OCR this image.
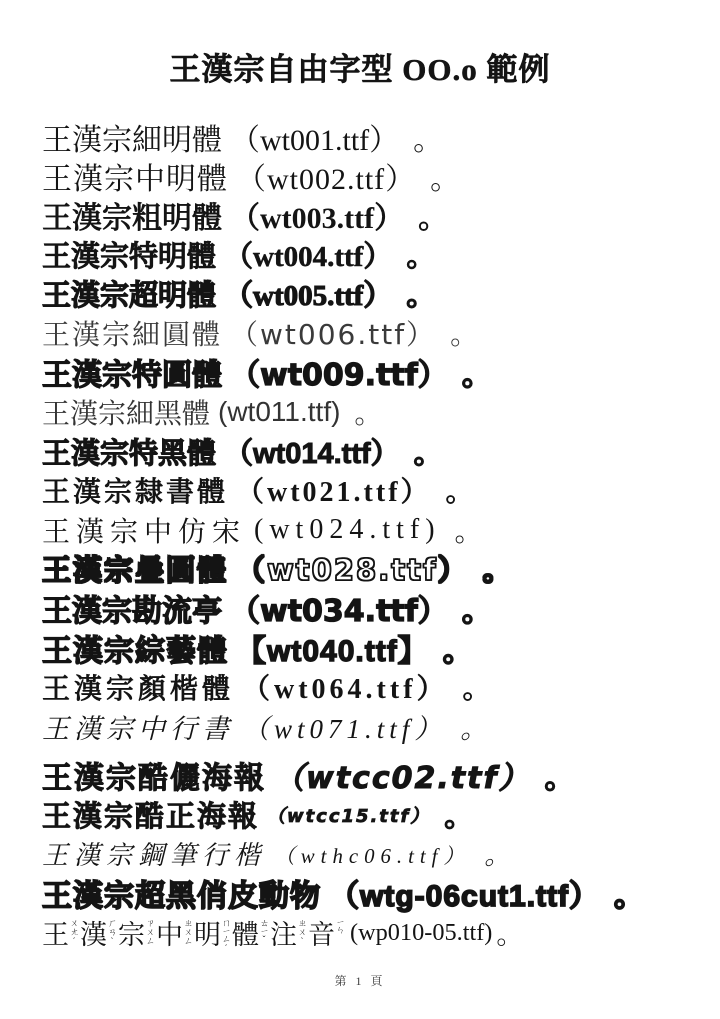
王漢宗自由字型 OO.o 範例
王漢宗細明體 （wt001.ttf） 。
王漢宗中明體 （wt002.ttf） 。
王漢宗粗明體 （wt003.ttf） 。
王漢宗特明體 （wt004.ttf） 。
王漢宗超明體 （wt005.ttf） 。
王漢宗細圓體 （wt006.ttf） 。
王漢宗特圓體 （wt009.ttf） 。
王漢宗細黑體 (wt011.ttf) 。
王漢宗特黑體 （wt014.ttf） 。
王漢宗隸書體 （wt021.ttf） 。
王漢宗中仿宋 (wt024.ttf) 。
王漢宗疊圓體 （wt028.ttf） 。
王漢宗勘流亭 （wt034.ttf） 。
王漢宗綜藝體 【wt040.ttf】 。
王漢宗顏楷體 （wt064.ttf） 。
王漢宗中行書 （wt071.ttf） 。
王漢宗酷儷海報 （wtcc02.ttf） 。
王漢宗酷正海報 （wtcc15.ttf） 。
王漢宗鋼筆行楷 （wthc06.ttf） 。
王漢宗超黑俏皮動物 （wtg-06cut1.ttf） 。
王 ㄨㄤˊ 漢 ㄏㄢˋ 宗 ㄗㄨㄥ 中 ㄓㄨㄥ 明 ㄇㄧㄥˊ 體 ㄊㄧˇ 注 ㄓㄨˋ 音 ㄧㄣ (wp010-05.ttf) 。
第 1 頁
